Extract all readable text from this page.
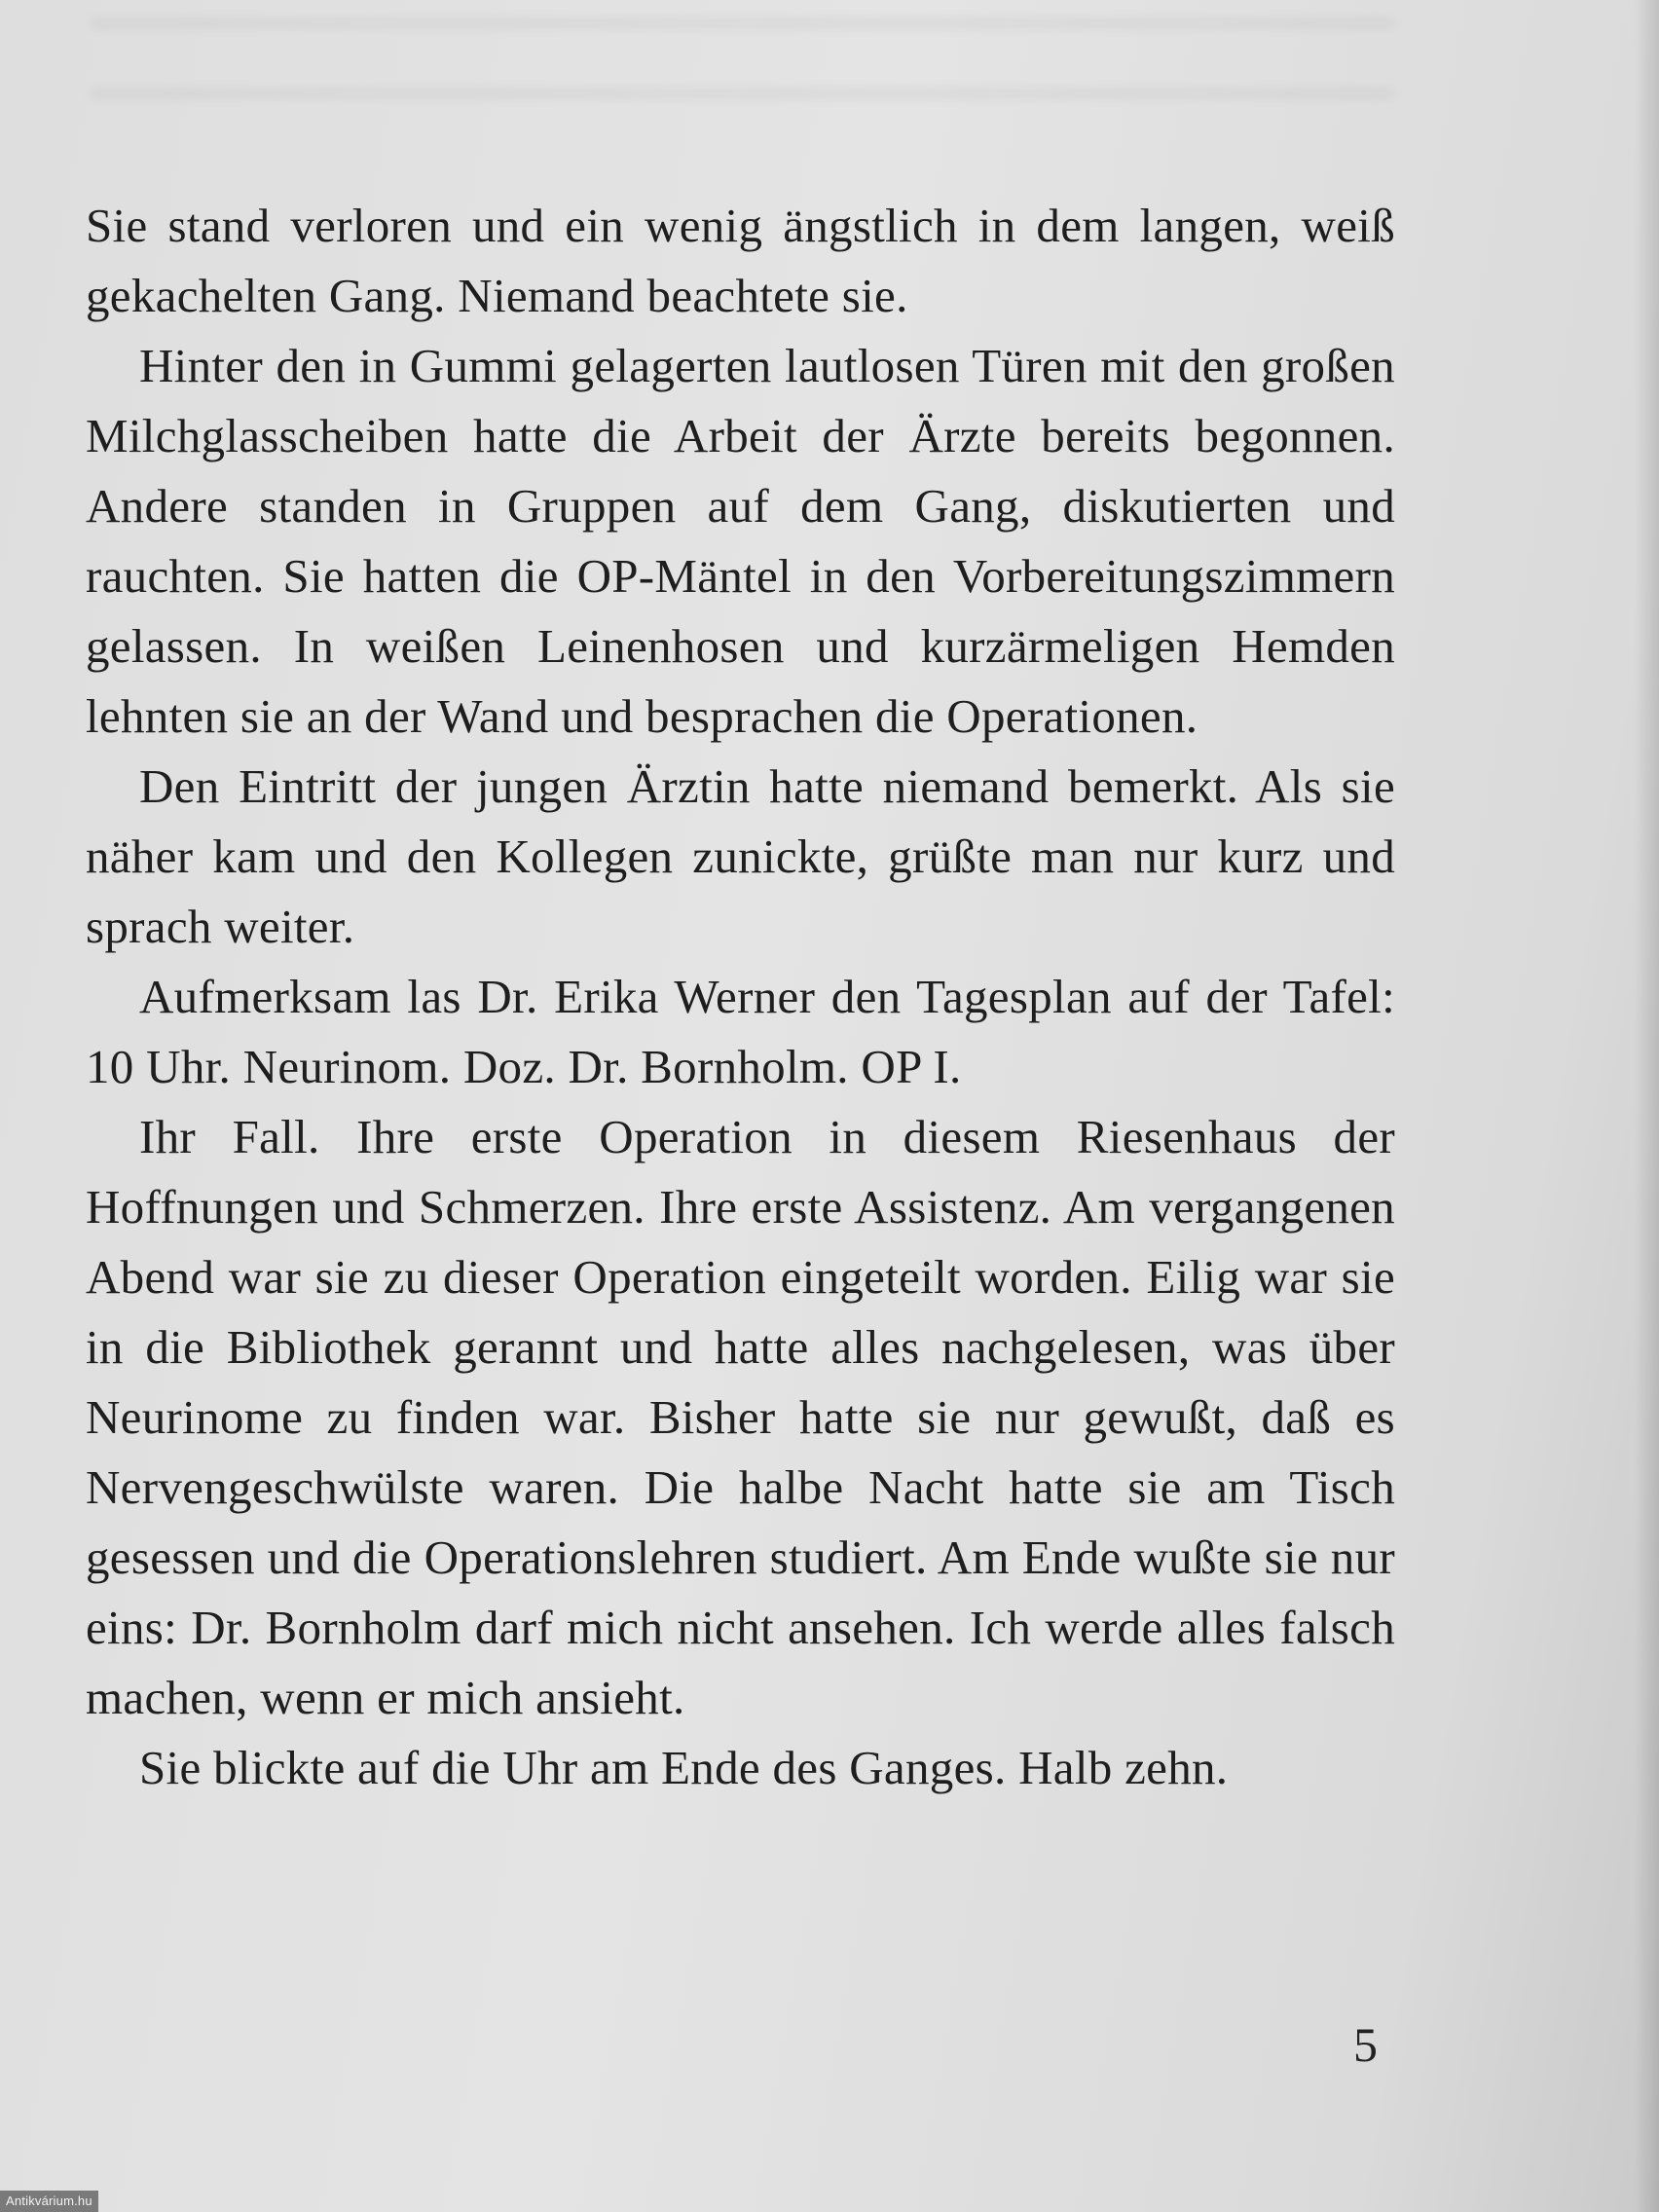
Sie stand verloren und ein wenig ängstlich in dem langen, weiß gekachelten Gang. Niemand beachtete sie.

Hinter den in Gummi gelagerten lautlosen Türen mit den großen Milchglasscheiben hatte die Arbeit der Ärzte bereits begonnen. Andere standen in Gruppen auf dem Gang, diskutierten und rauchten. Sie hatten die OP-Mäntel in den Vorbereitungszimmern gelassen. In weißen Leinenhosen und kurzärmeligen Hemden lehnten sie an der Wand und besprachen die Operationen.

Den Eintritt der jungen Ärztin hatte niemand bemerkt. Als sie näher kam und den Kollegen zunickte, grüßte man nur kurz und sprach weiter.

Aufmerksam las Dr. Erika Werner den Tagesplan auf der Tafel: 10 Uhr. Neurinom. Doz. Dr. Bornholm. OP I.

Ihr Fall. Ihre erste Operation in diesem Riesenhaus der Hoffnungen und Schmerzen. Ihre erste Assistenz. Am vergangenen Abend war sie zu dieser Operation eingeteilt worden. Eilig war sie in die Bibliothek gerannt und hatte alles nachgelesen, was über Neurinome zu finden war. Bisher hatte sie nur gewußt, daß es Nervengeschwülste waren. Die halbe Nacht hatte sie am Tisch gesessen und die Operationslehren studiert. Am Ende wußte sie nur eins: Dr. Bornholm darf mich nicht ansehen. Ich werde alles falsch machen, wenn er mich ansieht.

Sie blickte auf die Uhr am Ende des Ganges. Halb zehn.

5
Antikvárium.hu
